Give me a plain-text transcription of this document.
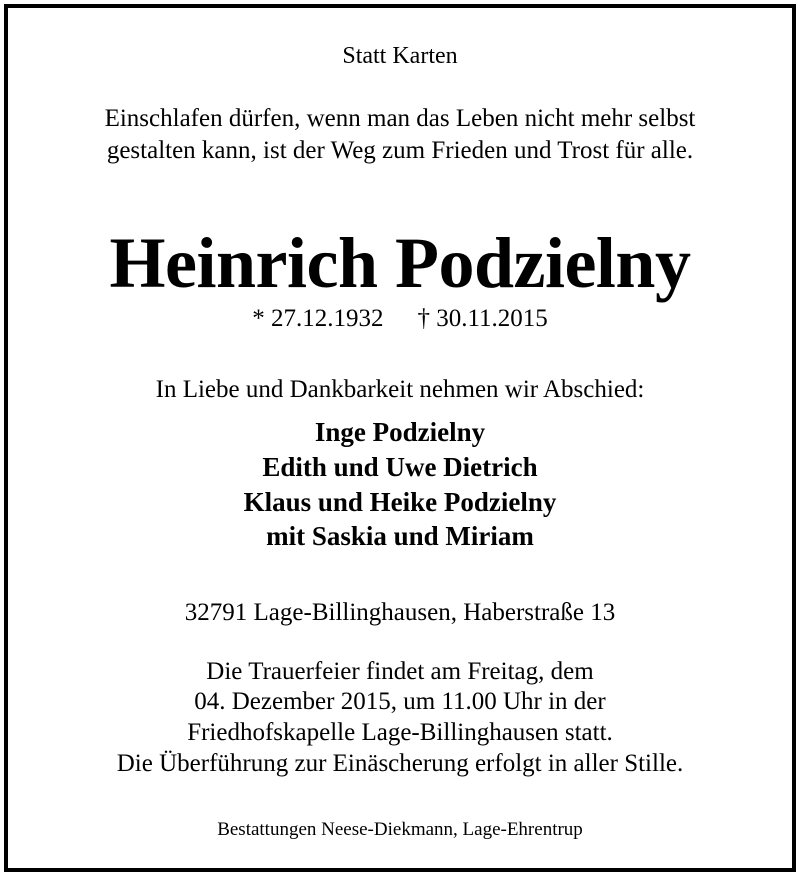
Statt Karten
Einschlafen dürfen, wenn man das Leben nicht mehr selbst
gestalten kann, ist der Weg zum Frieden und Trost für alle.
Heinrich Podzielny
* 27.12.1932 † 30.11.2015
In Liebe und Dankbarkeit nehmen wir Abschied:
Inge Podzielny
Edith und Uwe Dietrich
Klaus und Heike Podzielny
mit Saskia und Miriam
32791 Lage-Billinghausen, Haberstraße 13
Die Trauerfeier findet am Freitag, dem
04. Dezember 2015, um 11.00 Uhr in der
Friedhofskapelle Lage-Billinghausen statt.
Die Überführung zur Einäscherung erfolgt in aller Stille.
Bestattungen Neese-Diekmann, Lage-Ehrentrup
